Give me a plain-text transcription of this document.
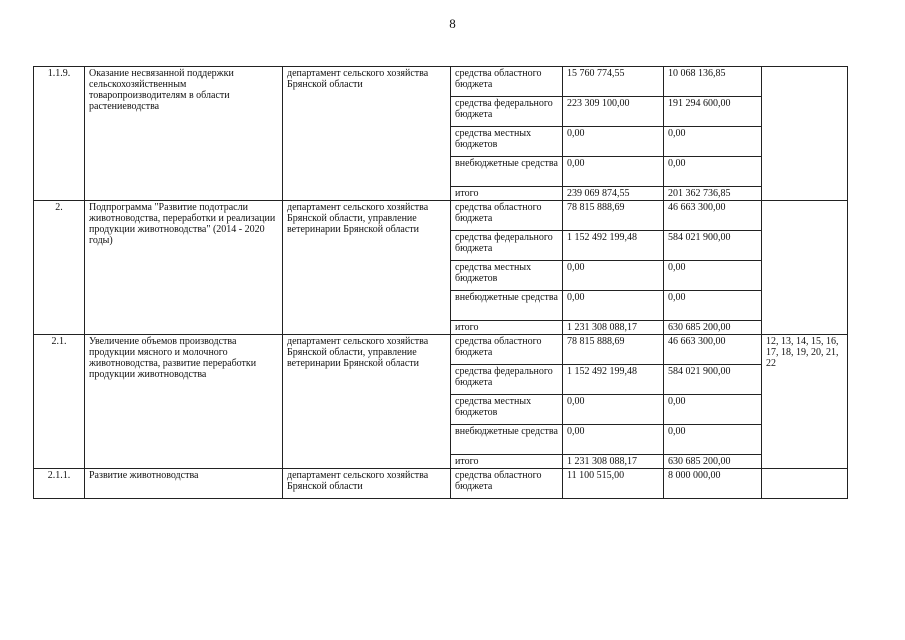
8
1.1.9.	Оказание несвязанной поддержки сельскохозяйственным товаропроизводителям в области растениеводства	департамент сельского хозяйства Брянской области	средства областного бюджета	15 760 774,55	10 068 136,85	
			средства федерального бюджета	223 309 100,00	191 294 600,00	
			средства местных бюджетов	0,00	0,00	
			внебюджетные средства	0,00	0,00	
			итого	239 069 874,55	201 362 736,85	
2.	Подпрограмма "Развитие подотрасли животноводства, переработки и реализации продукции животноводства" (2014 - 2020 годы)	департамент сельского хозяйства Брянской области, управление ветеринарии Брянской области	средства областного бюджета	78 815 888,69	46 663 300,00	
			средства федерального бюджета	1 152 492 199,48	584 021 900,00	
			средства местных бюджетов	0,00	0,00	
			внебюджетные средства	0,00	0,00	
			итого	1 231 308 088,17	630 685 200,00	
2.1.	Увеличение объемов производства продукции мясного и молочного животноводства, развитие переработки продукции животноводства	департамент сельского хозяйства Брянской области, управление ветеринарии Брянской области	средства областного бюджета	78 815 888,69	46 663 300,00	12, 13, 14, 15, 16, 17, 18, 19, 20, 21, 22
			средства федерального бюджета	1 152 492 199,48	584 021 900,00	
			средства местных бюджетов	0,00	0,00	
			внебюджетные средства	0,00	0,00	
			итого	1 231 308 088,17	630 685 200,00	
2.1.1.	Развитие животноводства	департамент сельского хозяйства Брянской области	средства областного бюджета	11 100 515,00	8 000 000,00	
